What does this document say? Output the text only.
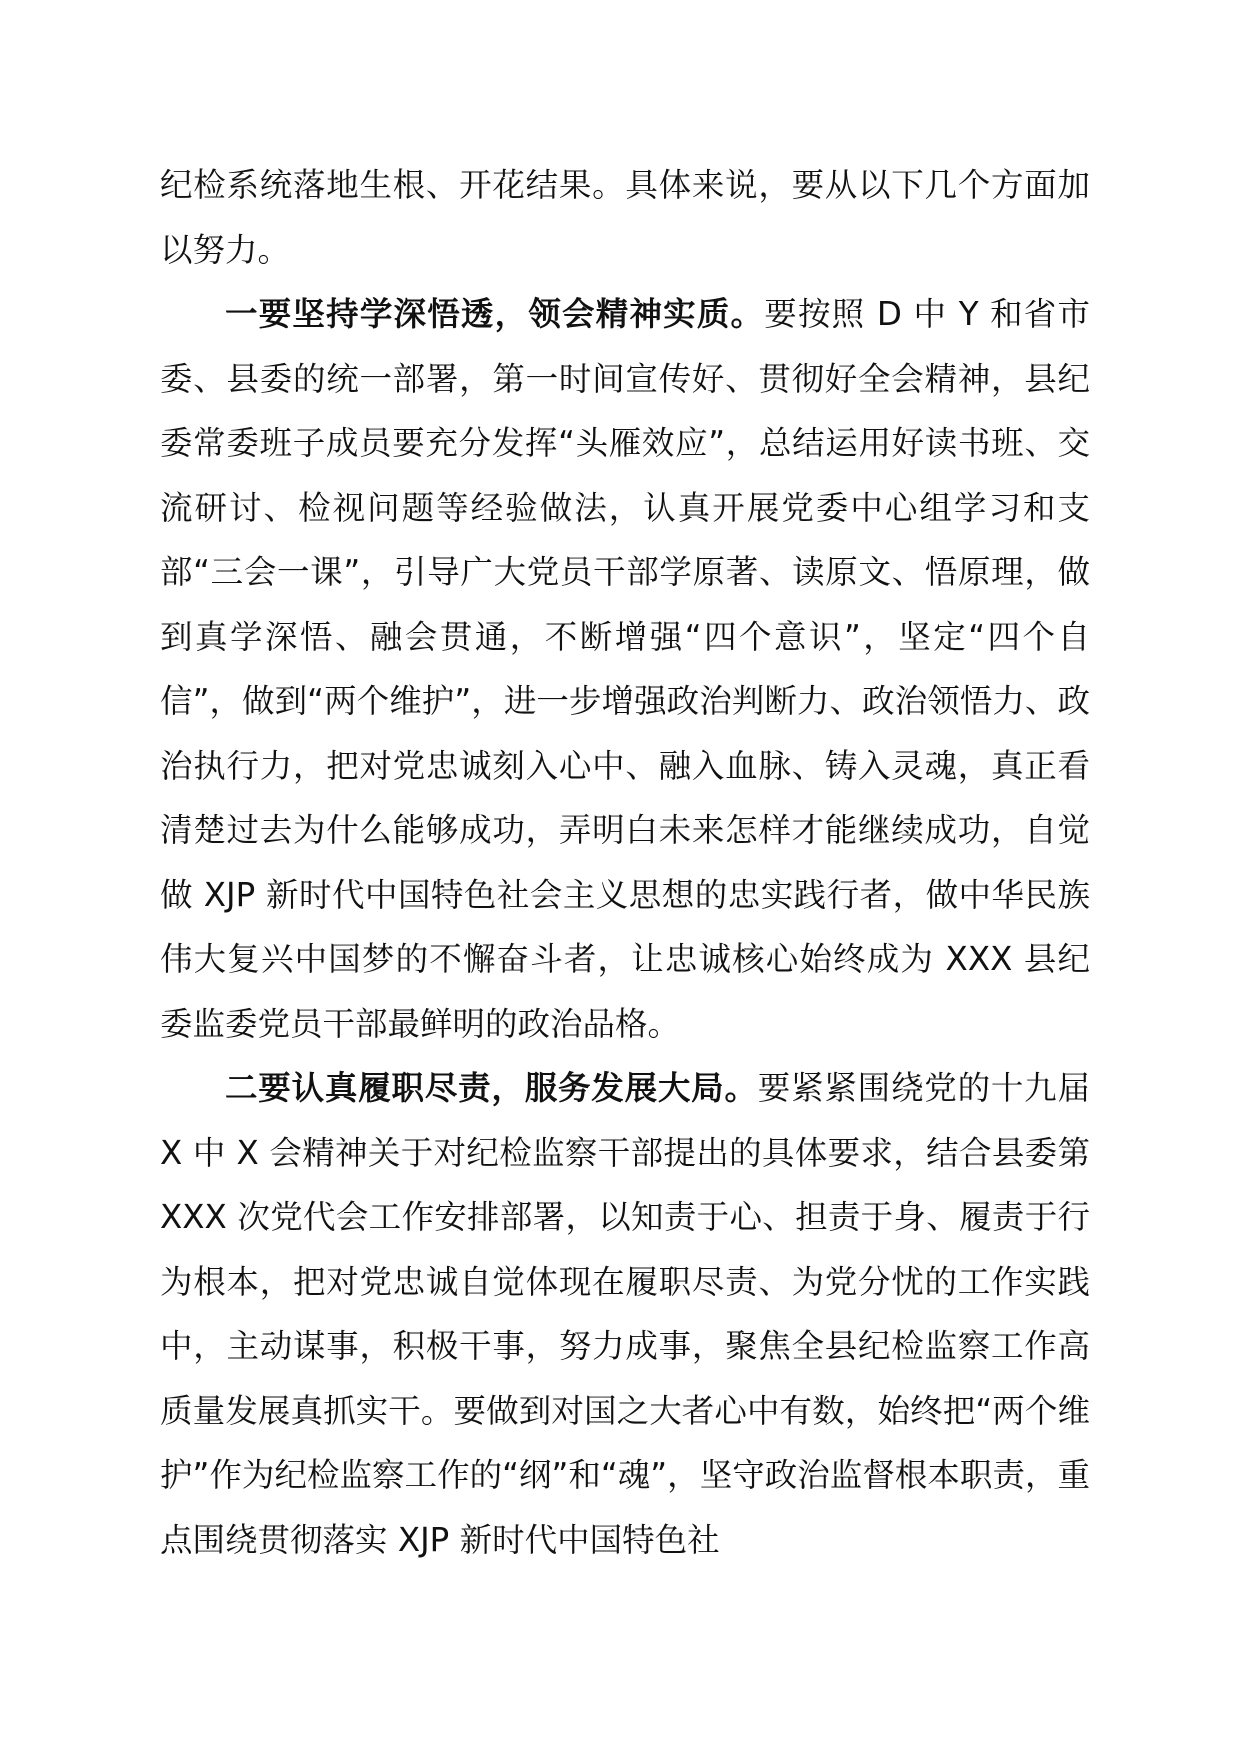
纪检系统落地生根、开花结果。具体来说，要从以下几个方面加以努力。

一要坚持学深悟透，领会精神实质。要按照 D 中 Y 和省市委、县委的统一部署，第一时间宣传好、贯彻好全会精神，县纪委常委班子成员要充分发挥“头雁效应”，总结运用好读书班、交流研讨、检视问题等经验做法，认真开展党委中心组学习和支部“三会一课”，引导广大党员干部学原著、读原文、悟原理，做到真学深悟、融会贯通，不断增强“四个意识”，坚定“四个自信”，做到“两个维护”，进一步增强政治判断力、政治领悟力、政治执行力，把对党忠诚刻入心中、融入血脉、铸入灵魂，真正看清楚过去为什么能够成功，弄明白未来怎样才能继续成功，自觉做 XJP 新时代中国特色社会主义思想的忠实践行者，做中华民族伟大复兴中国梦的不懈奋斗者，让忠诚核心始终成为 XXX 县纪委监委党员干部最鲜明的政治品格。

二要认真履职尽责，服务发展大局。要紧紧围绕党的十九届 X 中 X 会精神关于对纪检监察干部提出的具体要求，结合县委第 XXX 次党代会工作安排部署，以知责于心、担责于身、履责于行为根本，把对党忠诚自觉体现在履职尽责、为党分忧的工作实践中，主动谋事，积极干事，努力成事，聚焦全县纪检监察工作高质量发展真抓实干。要做到对国之大者心中有数，始终把“两个维护”作为纪检监察工作的“纲”和“魂”，坚守政治监督根本职责，重点围绕贯彻落实 XJP 新时代中国特色社
